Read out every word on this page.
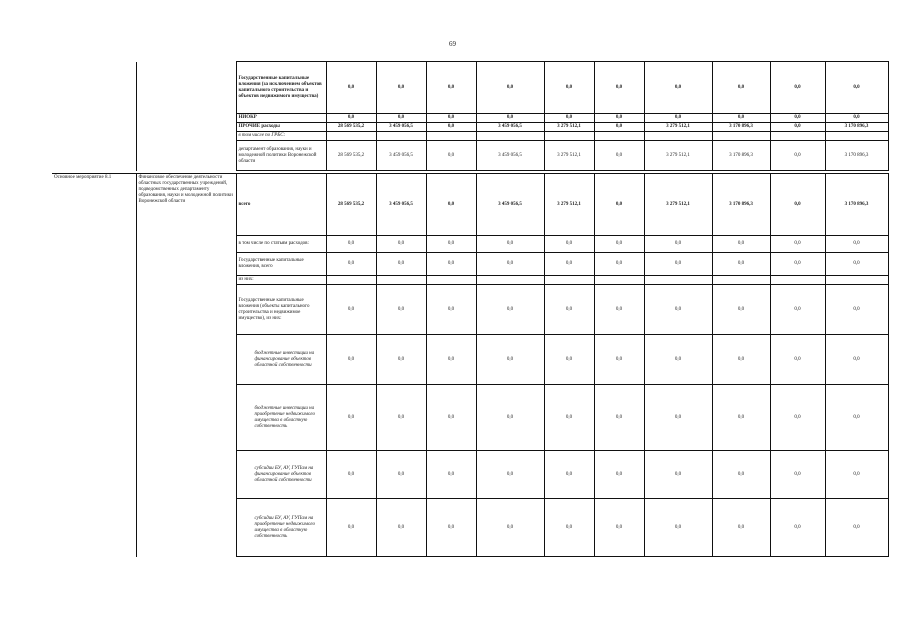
69
		Государственные капитальные вложения (за исключением объектов капитального строительства и объектов недвижимого имущества)	0,0	0,0	0,0	0,0	0,0	0,0	0,0	0,0	0,0	0,0
		НИОКР	0,0	0,0	0,0	0,0	0,0	0,0	0,0	0,0	0,0	0,0
		ПРОЧИЕ расходы	28 569 535,2	3 459 056,5	0,0	3 459 056,5	3 279 512,1	0,0	3 279 512,1	3 170 896,3	0,0	3 170 896,3
		в том числе по ГРБС:										
		департамент образования, науки и молодежной политики Воронежской области	28 569 535,2	3 459 056,5	0,0	3 459 056,5	3 279 512,1	0,0	3 279 512,1	3 170 896,3	0,0	3 170 896,3

Основное мероприятие 8.1	Финансовое обеспечение деятельности областных государственных учреждений, подведомственных департаменту образования, науки и молодежной политики Воронежской области	всего	28 569 535,2	3 459 056,5	0,0	3 459 056,5	3 279 512,1	0,0	3 279 512,1	3 170 896,3	0,0	3 170 896,3
		в том числе по статьям расходов:	0,0	0,0	0,0	0,0	0,0	0,0	0,0	0,0	0,0	0,0
		Государственные капитальные вложения, всего	0,0	0,0	0,0	0,0	0,0	0,0	0,0	0,0	0,0	0,0
		из них:										
		Государственные капитальные вложения (объекты капитального строительства и недвижимое имущество), из них:	0,0	0,0	0,0	0,0	0,0	0,0	0,0	0,0	0,0	0,0
		бюджетные инвестиции на финансирование объектов областной собственности	0,0	0,0	0,0	0,0	0,0	0,0	0,0	0,0	0,0	0,0
		бюджетные инвестиции на приобретение недвижимого имущества в областную собственность	0,0	0,0	0,0	0,0	0,0	0,0	0,0	0,0	0,0	0,0
		субсидии БУ, АУ, ГУПам на финансирование объектов областной собственности	0,0	0,0	0,0	0,0	0,0	0,0	0,0	0,0	0,0	0,0
		субсидии БУ, АУ, ГУПам на приобретение недвижимого имущества в областную собственность	0,0	0,0	0,0	0,0	0,0	0,0	0,0	0,0	0,0	0,0
